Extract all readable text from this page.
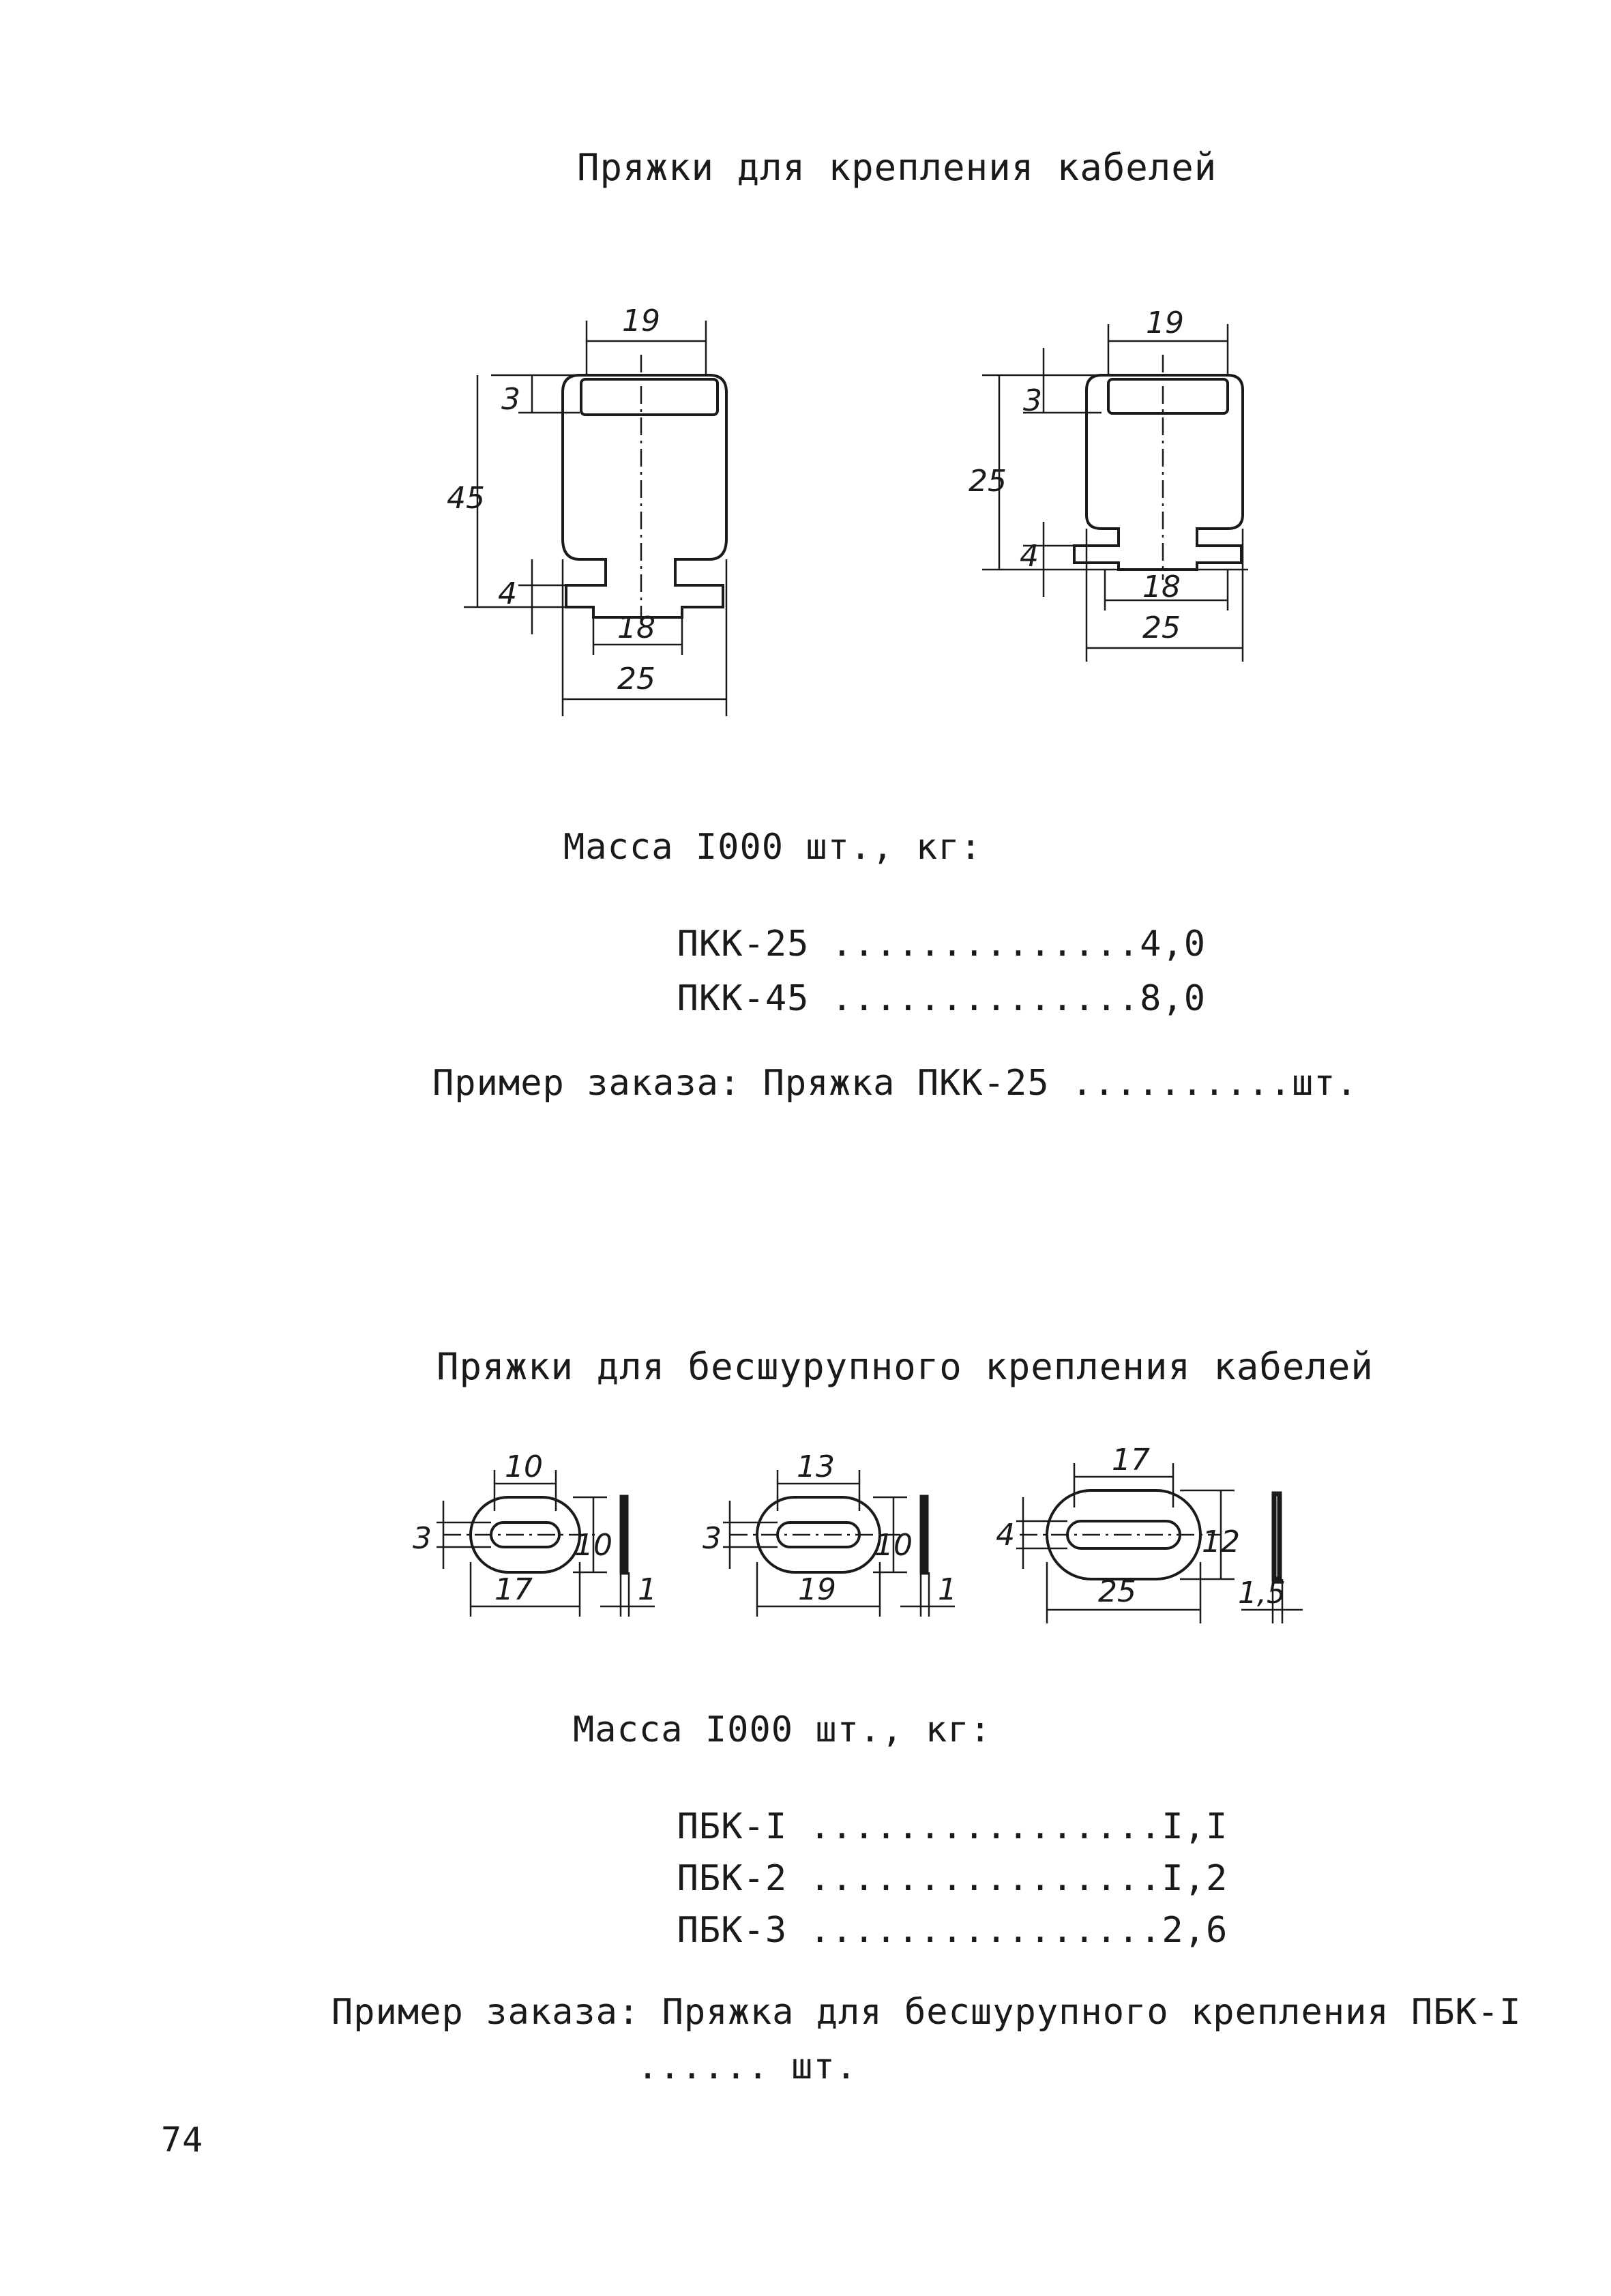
Пряжки для крепления кабелей
19
3
45
4
18
25
19
3
25
4
18
25
Масса I000 шт., кг:

ПКК-25 ..............4,0

ПКК-45 ..............8,0

Пример заказа: Пряжка ПКК-25 ..........шт.
Пряжки для бесшурупного крепления кабелей
10
3	10
17	1
13
3	10
19	1
17
4	12
25	1,5
Масса I000 шт., кг:

ПБК-I ................I,I

ПБК-2 ................I,2

ПБК-3 ................2,6

Пример заказа: Пряжка для бесшурупного крепления ПБК-I
...... шт.
74
